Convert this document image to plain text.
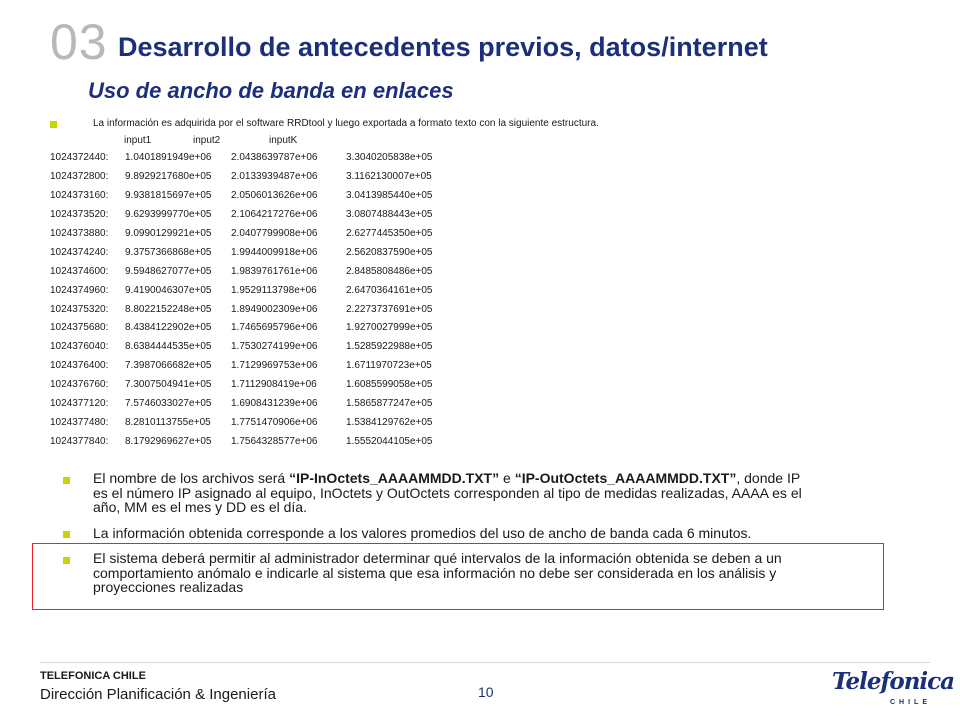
03 Desarrollo de antecedentes previos, datos/internet
Uso de ancho de banda en enlaces
La información es adquirida por el software RRDtool y luego exportada a formato texto con la siguiente estructura.
input1	input2	inputK
1024372440: 1.0401891949e+06 2.0438639787e+06	3.3040205838e+05
1024372800: 9.8929217680e+05 2.0133939487e+06	3.1162130007e+05
1024373160: 9.9381815697e+05 2.0506013626e+06	3.0413985440e+05
1024373520: 9.6293999770e+05 2.1064217276e+06	3.0807488443e+05
1024373880: 9.0990129921e+05 2.0407799908e+06	2.6277445350e+05
1024374240: 9.3757366868e+05 1.9944009918e+06	2.5620837590e+05
1024374600: 9.5948627077e+05 1.9839761761e+06	2.8485808486e+05
1024374960: 9.4190046307e+05 1.9529113798e+06	2.6470364161e+05
1024375320: 8.8022152248e+05 1.8949002309e+06	2.2273737691e+05
1024375680: 8.4384122902e+05 1.7465695796e+06	1.9270027999e+05
1024376040: 8.6384444535e+05 1.7530274199e+06	1.5285922988e+05
1024376400: 7.3987066682e+05 1.7129969753e+06	1.6711970723e+05
1024376760: 7.3007504941e+05 1.7112908419e+06	1.6085599058e+05
1024377120: 7.5746033027e+05 1.6908431239e+06	1.5865877247e+05
1024377480: 8.2810113755e+05 1.7751470906e+06	1.5384129762e+05
1024377840: 8.1792969627e+05 1.7564328577e+06	1.5552044105e+05
El nombre de los archivos será “IP-InOctets_AAAAMMDD.TXT” e “IP-OutOctets_AAAAMMDD.TXT”, donde IP
es el número IP asignado al equipo, InOctets y OutOctets corresponden al tipo de medidas realizadas, AAAA es el
año, MM es el mes y DD es el día.
La información obtenida corresponde a los valores promedios del uso de ancho de banda cada 6 minutos.
El sistema deberá permitir al administrador determinar qué intervalos de la información obtenida se deben a un
comportamiento anómalo e indicarle al sistema que esa información no debe ser considerada en los análisis y
proyecciones realizadas
TELEFONICA CHILE
Dirección Planificación & Ingeniería	10	Telefonica
CHILE
